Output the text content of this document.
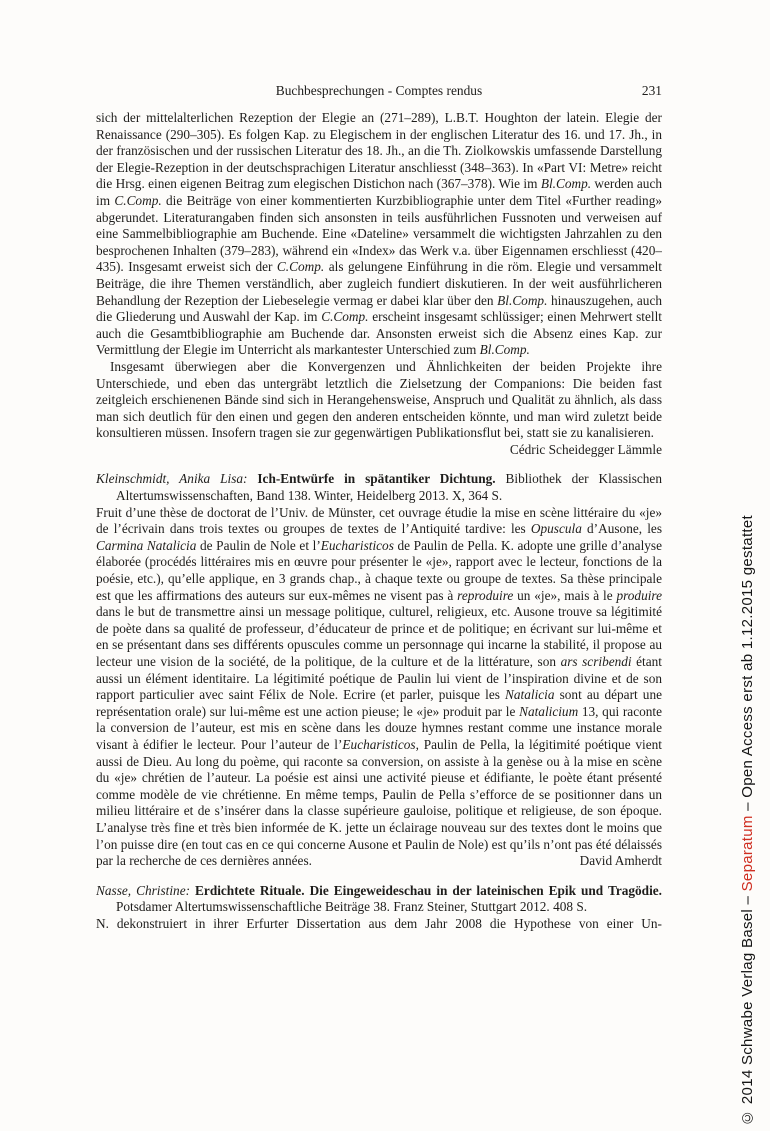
Buchbesprechungen - Comptes rendus	231

sich der mittelalterlichen Rezeption der Elegie an (271–289), L.B.T. Houghton der latein. Elegie der Renaissance (290–305). Es folgen Kap. zu Elegischem in der englischen Literatur des 16. und 17. Jh., in der französischen und der russischen Literatur des 18. Jh., an die Th. Ziolkowskis umfassende Darstellung der Elegie-Rezeption in der deutschsprachigen Literatur anschliesst (348–363). In «Part VI: Metre» reicht die Hrsg. einen eigenen Beitrag zum elegischen Distichon nach (367–378). Wie im Bl.Comp. werden auch im C.Comp. die Beiträge von einer kommentierten Kurzbibliographie unter dem Titel «Further reading» abgerundet. Literaturangaben finden sich ansonsten in teils ausführlichen Fussnoten und verweisen auf eine Sammelbibliographie am Buchende. Eine «Dateline» versammelt die wichtigsten Jahrzahlen zu den besprochenen Inhalten (379–283), während ein «Index» das Werk v.a. über Eigennamen erschliesst (420–435). Insgesamt erweist sich der C.Comp. als gelungene Einführung in die röm. Elegie und versammelt Beiträge, die ihre Themen verständlich, aber zugleich fundiert diskutieren. In der weit ausführlicheren Behandlung der Rezeption der Liebeselegie vermag er dabei klar über den Bl.Comp. hinauszugehen, auch die Gliederung und Auswahl der Kap. im C.Comp. erscheint insgesamt schlüssiger; einen Mehrwert stellt auch die Gesamtbibliographie am Buchende dar. Ansonsten erweist sich die Absenz eines Kap. zur Vermittlung der Elegie im Unterricht als markantester Unterschied zum Bl.Comp.

Insgesamt überwiegen aber die Konvergenzen und Ähnlichkeiten der beiden Projekte ihre Unterschiede, und eben das untergräbt letztlich die Zielsetzung der Companions: Die beiden fast zeitgleich erschienenen Bände sind sich in Herangehensweise, Anspruch und Qualität zu ähnlich, als dass man sich deutlich für den einen und gegen den anderen entscheiden könnte, und man wird zuletzt beide konsultieren müssen. Insofern tragen sie zur gegenwärtigen Publikationsflut bei, statt sie zu kanalisieren.
Cédric Scheidegger Lämmle

Kleinschmidt, Anika Lisa: Ich-Entwürfe in spätantiker Dichtung. Bibliothek der Klassischen Altertumswissenschaften, Band 138. Winter, Heidelberg 2013. X, 364 S.

Fruit d’une thèse de doctorat de l’Univ. de Münster, cet ouvrage étudie la mise en scène littéraire du «je» de l’écrivain dans trois textes ou groupes de textes de l’Antiquité tardive: les Opuscula d’Ausone, les Carmina Natalicia de Paulin de Nole et l’Eucharisticos de Paulin de Pella. K. adopte une grille d’analyse élaborée (procédés littéraires mis en œuvre pour présenter le «je», rapport avec le lecteur, fonctions de la poésie, etc.), qu’elle applique, en 3 grands chap., à chaque texte ou groupe de textes. Sa thèse principale est que les affirmations des auteurs sur eux-mêmes ne visent pas à reproduire un «je», mais à le produire dans le but de transmettre ainsi un message politique, culturel, religieux, etc. Ausone trouve sa légitimité de poète dans sa qualité de professeur, d’éducateur de prince et de politique; en écrivant sur lui-même et en se présentant dans ses différents opuscules comme un personnage qui incarne la stabilité, il propose au lecteur une vision de la société, de la politique, de la culture et de la littérature, son ars scribendi étant aussi un élément identitaire. La légitimité poétique de Paulin lui vient de l’inspiration divine et de son rapport particulier avec saint Félix de Nole. Ecrire (et parler, puisque les Natalicia sont au départ une représentation orale) sur lui-même est une action pieuse; le «je» produit par le Natalicium 13, qui raconte la conversion de l’auteur, est mis en scène dans les douze hymnes restant comme une instance morale visant à édifier le lecteur. Pour l’auteur de l’Eucharisticos, Paulin de Pella, la légitimité poétique vient aussi de Dieu. Au long du poème, qui raconte sa conversion, on assiste à la genèse ou à la mise en scène du «je» chrétien de l’auteur. La poésie est ainsi une activité pieuse et édifiante, le poète étant présenté comme modèle de vie chrétienne. En même temps, Paulin de Pella s’efforce de se positionner dans un milieu littéraire et de s’insérer dans la classe supérieure gauloise, politique et religieuse, de son époque. L’analyse très fine et très bien informée de K. jette un éclairage nouveau sur des textes dont le moins que l’on puisse dire (en tout cas en ce qui concerne Ausone et Paulin de Nole) est qu’ils n’ont pas été délaissés par la recherche de ces dernières années.	David Amherdt

Nasse, Christine: Erdichtete Rituale. Die Eingeweideschau in der lateinischen Epik und Tragödie. Potsdamer Altertumswissenschaftliche Beiträge 38. Franz Steiner, Stuttgart 2012. 408 S.

N. dekonstruiert in ihrer Erfurter Dissertation aus dem Jahr 2008 die Hypothese von einer Un-	© 2014 Schwabe Verlag Basel – Separatum – Open Access erst ab 1.12.2015 gestattet
